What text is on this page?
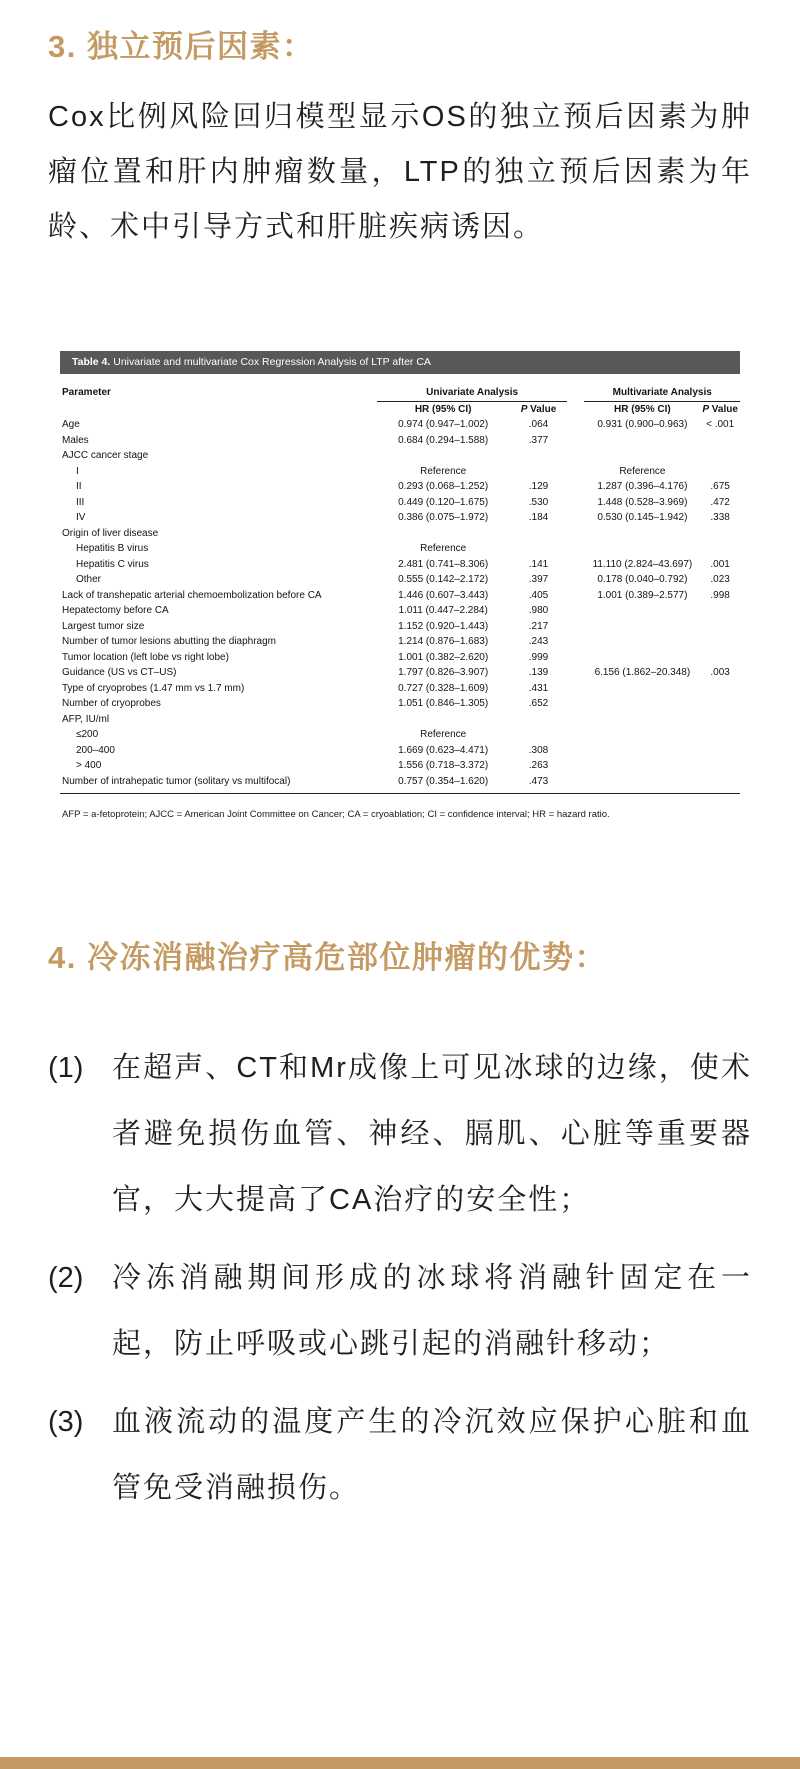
3. 独立预后因素：
Cox比例风险回归模型显示OS的独立预后因素为肿瘤位置和肝内肿瘤数量，LTP的独立预后因素为年龄、术中引导方式和肝脏疾病诱因。
Table 4. Univariate and multivariate Cox Regression Analysis of LTP after CA
Parameter	Univariate Analysis			Multivariate Analysis	
	HR (95% CI)	P Value		HR (95% CI)	P Value
Age	0.974 (0.947–1.002)	.064		0.931 (0.900–0.963)	< .001
Males	0.684 (0.294–1.588)	.377			
AJCC cancer stage					
I	Reference			Reference	
II	0.293 (0.068–1.252)	.129		1.287 (0.396–4.176)	.675
III	0.449 (0.120–1.675)	.530		1.448 (0.528–3.969)	.472
IV	0.386 (0.075–1.972)	.184		0.530 (0.145–1.942)	.338
Origin of liver disease					
Hepatitis B virus	Reference				
Hepatitis C virus	2.481 (0.741–8.306)	.141		11.110 (2.824–43.697)	.001
Other	0.555 (0.142–2.172)	.397		0.178 (0.040–0.792)	.023
Lack of transhepatic arterial chemoembolization before CA	1.446 (0.607–3.443)	.405		1.001 (0.389–2.577)	.998
Hepatectomy before CA	1.011 (0.447–2.284)	.980			
Largest tumor size	1.152 (0.920–1.443)	.217			
Number of tumor lesions abutting the diaphragm	1.214 (0.876–1.683)	.243			
Tumor location (left lobe vs right lobe)	1.001 (0.382–2.620)	.999			
Guidance (US vs CT–US)	1.797 (0.826–3.907)	.139		6.156 (1.862–20.348)	.003
Type of cryoprobes (1.47 mm vs 1.7 mm)	0.727 (0.328–1.609)	.431			
Number of cryoprobes	1.051 (0.846–1.305)	.652			
AFP, IU/ml					
≤200	Reference				
200–400	1.669 (0.623–4.471)	.308			
> 400	1.556 (0.718–3.372)	.263			
Number of intrahepatic tumor (solitary vs multifocal)	0.757 (0.354–1.620)	.473			
AFP = a-fetoprotein; AJCC = American Joint Committee on Cancer; CA = cryoablation; CI = confidence interval; HR = hazard ratio.
4. 冷冻消融治疗高危部位肿瘤的优势：
(1) 在超声、CT和Mr成像上可见冰球的边缘，使术者避免损伤血管、神经、膈肌、心脏等重要器官，大大提高了CA治疗的安全性；
(2) 冷冻消融期间形成的冰球将消融针固定在一起，防止呼吸或心跳引起的消融针移动；
(3) 血液流动的温度产生的冷沉效应保护心脏和血管免受消融损伤。
